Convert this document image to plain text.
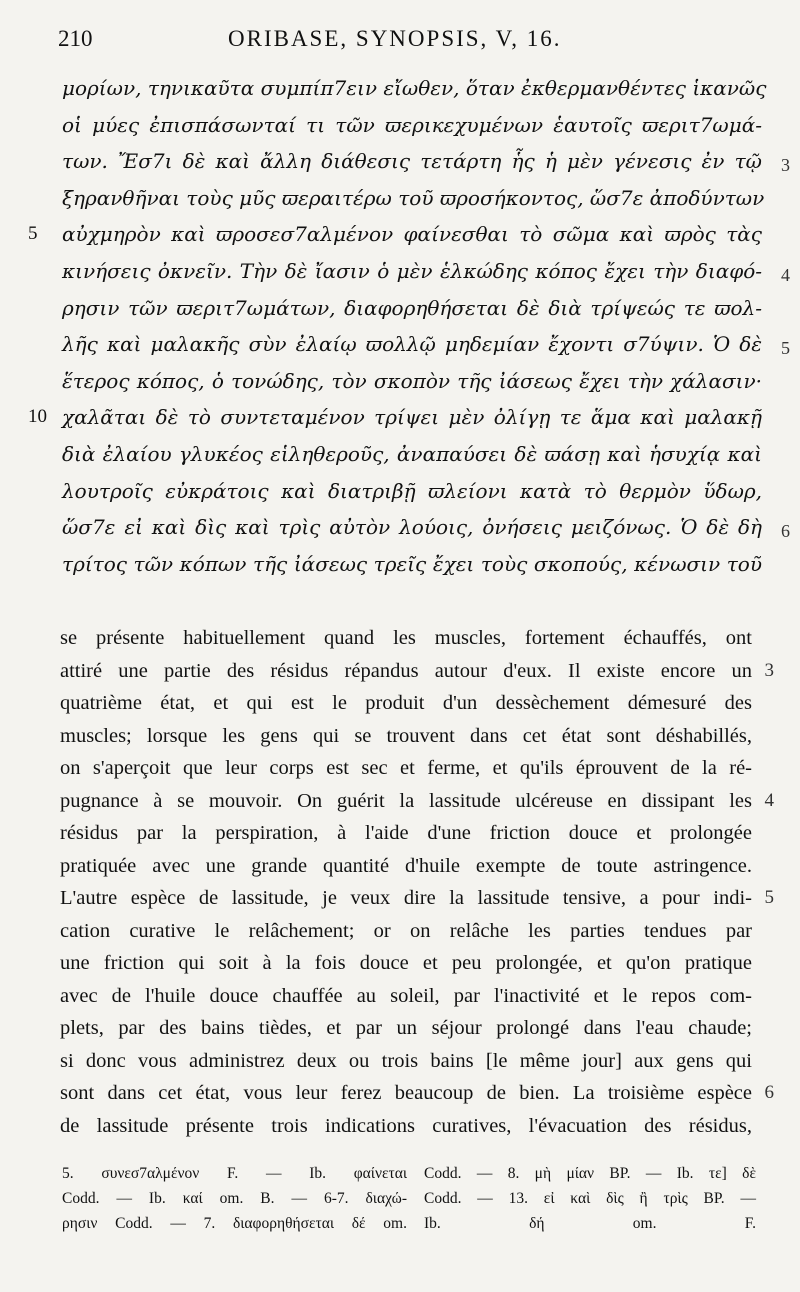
210	ORIBASE, SYNOPSIS, V, 16.
μορίων, τηνικαῦτα συμπίπ7ειν εἴωθεν, ὅταν ἐκθερμανθέντες ἱκανῶς
οἱ μύες ἐπισπάσωνταί τι τῶν ϖεριкεχυμένων ἑαυτοῖς ϖεριτ7ωμά-
των. Ἔσ7ι δὲ καὶ ἄλλη διάθεσις τετάρτη ἧς ἡ μὲν γένεσις ἐν τῷ 3
ξηρανθῆναι τοὺς μῦς ϖεραιτέρω τοῦ ϖροσήκοντος, ὥσ7ε ἀποδύντων
αὐχμηρὸν καὶ ϖροσεσ7αλμένον φαίνεσθαι τὸ σῶμα καὶ ϖρὸς τὰς
5
κινήσεις ὀκνεῖν. Τὴν δὲ ἴασιν ὁ μὲν ἑλκώδης κόπος ἔχει τὴν διαφό- 4
ρησιν τῶν ϖεριτ7ωμάτων, διαφορηθήσεται δὲ διὰ τρίψεώς τε ϖολ-
λῆς καὶ μαλακῆς σὺν ἐλαίῳ ϖολλῷ μηδεμίαν ἔχοντι σ7ύψιν. Ὁ δὲ 5
ἕτερος κόπος, ὁ τονώδης, τὸν σκοπὸν τῆς ἰάσεως ἔχει τὴν χάλασιν·
χαλᾶται δὲ τὸ συντεταμένον τρίψει μὲν ὀλίγῃ τε ἅμα καὶ μαλακῇ
10
διὰ ἐλαίου γλυκέος εἱληθεροῦς, ἀναπαύσει δὲ ϖάσῃ καὶ ἡσυχίᾳ καὶ
λουτροῖς εὐκράτοις καὶ διατριβῇ ϖλείονι κατὰ τὸ θερμὸν ὕδωρ,
ὥσ7ε εἰ καὶ δὶς καὶ τρὶς αὐτὸν λούοις, ὀνήσεις μειζόνως. Ὁ δὲ δὴ 6
τρίτος τῶν κόπων τῆς ἰάσεως τρεῖς ἔχει τοὺς σκοπούς, κένωσιν τοῦ
se présente habituellement quand les muscles, fortement échauffés, ont
attiré une partie des résidus répandus autour d'eux. Il existe encore un 3
quatrième état, et qui est le produit d'un dessèchement démesuré des
muscles; lorsque les gens qui se trouvent dans cet état sont déshabillés,
on s'aperçoit que leur corps est sec et ferme, et qu'ils éprouvent de la ré-
pugnance à se mouvoir. On guérit la lassitude ulcéreuse en dissipant les 4
résidus par la perspiration, à l'aide d'une friction douce et prolongée
pratiquée avec une grande quantité d'huile exempte de toute astringence.
L'autre espèce de lassitude, je veux dire la lassitude tensive, a pour indi- 5
cation curative le relâchement; or on relâche les parties tendues par
une friction qui soit à la fois douce et peu prolongée, et qu'on pratique
avec de l'huile douce chauffée au soleil, par l'inactivité et le repos com-
plets, par des bains tièdes, et par un séjour prolongé dans l'eau chaude;
si donc vous administrez deux ou trois bains [le même jour] aux gens qui
sont dans cet état, vous leur ferez beaucoup de bien. La troisième espèce 6
de lassitude présente trois indications curatives, l'évacuation des résidus,
5. συνεσ7αλμένον F. — Ib. φαίνεται Codd. — 8. μὴ μίαν BP. — Ib. τε] δὲ
Codd. — Ib. καί om. B. — 6-7. διαχώ- Codd. — 13. εἰ καὶ δὶς ἢ τρὶς BP. —
ρησιν Codd. — 7. διαφορηθήσεται δέ om. Ib. δή om. F.
